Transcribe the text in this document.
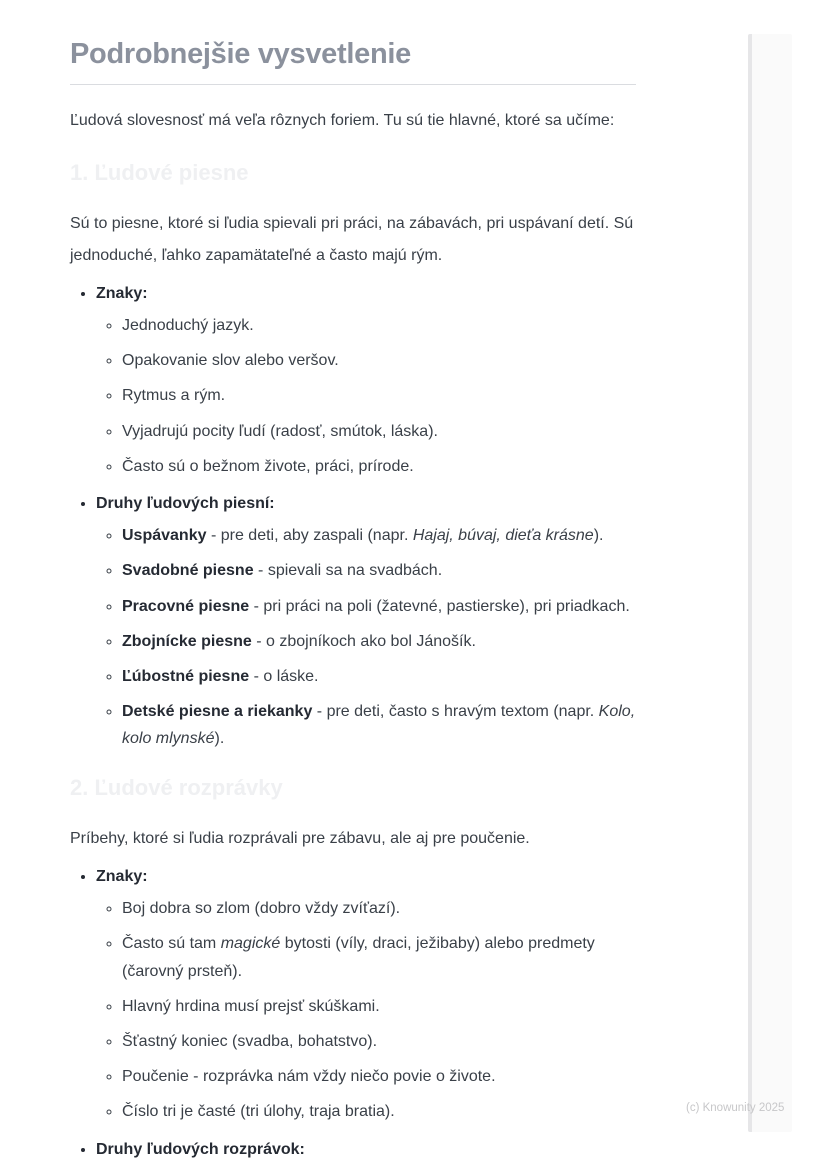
Podrobnejšie vysvetlenie

Ľudová slovesnosť má veľa rôznych foriem. Tu sú tie hlavné, ktoré sa učíme:

1. Ľudové piesne

Sú to piesne, ktoré si ľudia spievali pri práci, na zábavách, pri uspávaní detí. Sú jednoduché, ľahko zapamätateľné a často majú rým.

• Znaky:
◦ Jednoduchý jazyk.
◦ Opakovanie slov alebo veršov.
◦ Rytmus a rým.
◦ Vyjadrujú pocity ľudí (radosť, smútok, láska).
◦ Často sú o bežnom živote, práci, prírode.
• Druhy ľudových piesní:
◦ Uspávanky - pre deti, aby zaspali (napr. Hajaj, búvaj, dieťa krásne).
◦ Svadobné piesne - spievali sa na svadbách.
◦ Pracovné piesne - pri práci na poli (žatevné, pastierske), pri priadkach.
◦ Zbojnícke piesne - o zbojníkoch ako bol Jánošík.
◦ Ľúbostné piesne - o láske.
◦ Detské piesne a riekanky - pre deti, často s hravým textom (napr. Kolo, kolo mlynské).
2. Ľudové rozprávky

Príbehy, ktoré si ľudia rozprávali pre zábavu, ale aj pre poučenie.

• Znaky:
◦ Boj dobra so zlom (dobro vždy zvíťazí).
◦ Často sú tam magické bytosti (víly, draci, ježibaby) alebo predmety (čarovný prsteň).
◦ Hlavný hrdina musí prejsť skúškami.
◦ Šťastný koniec (svadba, bohatstvo).
◦ Poučenie - rozprávka nám vždy niečo povie o živote.
◦ Číslo tri je časté (tri úlohy, traja bratia).
• Druhy ľudových rozprávok:
(c) Knowunity 2025
